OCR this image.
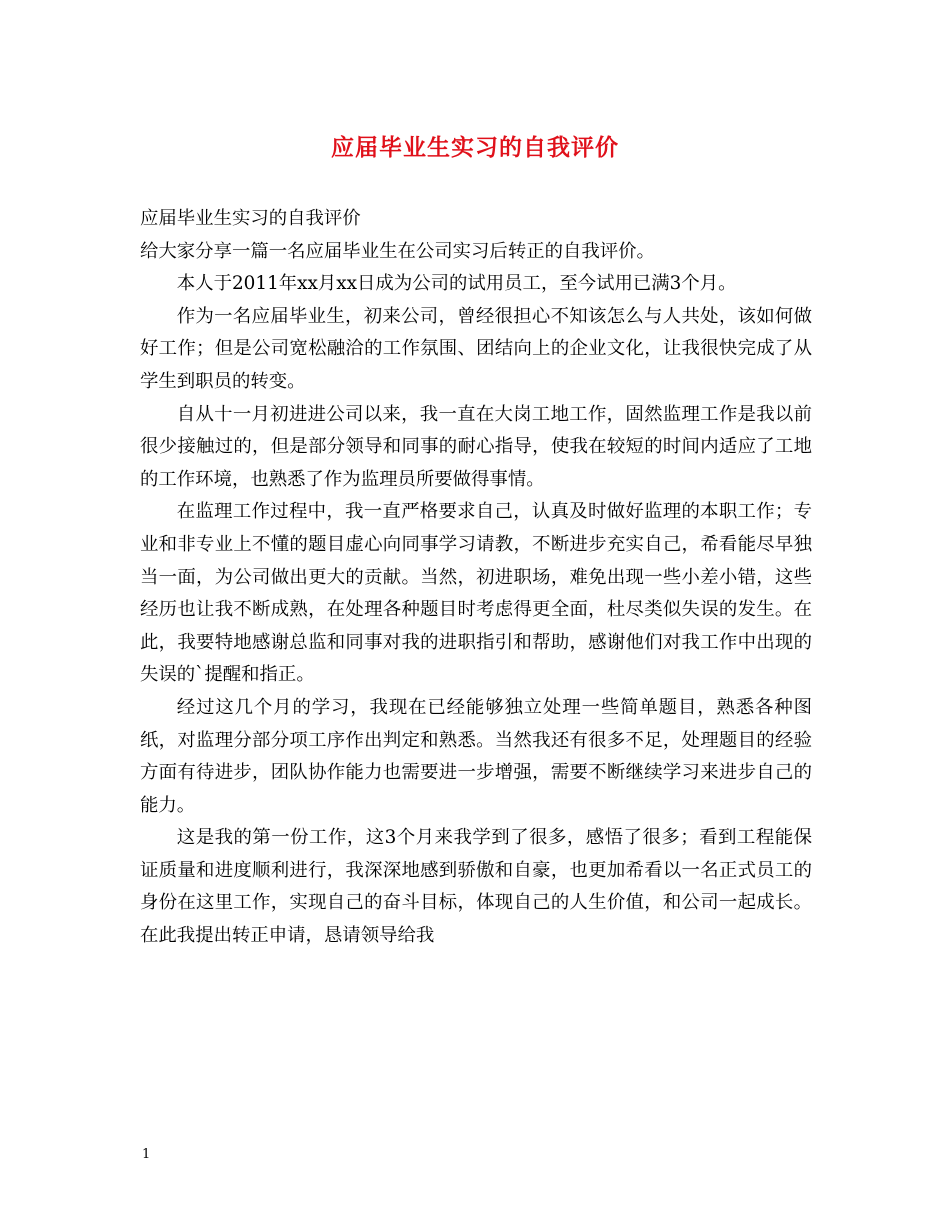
应届毕业生实习的自我评价

应届毕业生实习的自我评价

给大家分享一篇一名应届毕业生在公司实习后转正的自我评价。

本人于2011年xx月xx日成为公司的试用员工，至今试用已满3个月。

作为一名应届毕业生，初来公司，曾经很担心不知该怎么与人共处，该如何做好工作；但是公司宽松融洽的工作氛围、团结向上的企业文化，让我很快完成了从学生到职员的转变。

自从十一月初进进公司以来，我一直在大岗工地工作，固然监理工作是我以前很少接触过的，但是部分领导和同事的耐心指导，使我在较短的时间内适应了工地的工作环境，也熟悉了作为监理员所要做得事情。

在监理工作过程中，我一直严格要求自己，认真及时做好监理的本职工作；专业和非专业上不懂的题目虚心向同事学习请教，不断进步充实自己，希看能尽早独当一面，为公司做出更大的贡献。当然，初进职场，难免出现一些小差小错，这些经历也让我不断成熟，在处理各种题目时考虑得更全面，杜尽类似失误的发生。在此，我要特地感谢总监和同事对我的进职指引和帮助，感谢他们对我工作中出现的失误的`提醒和指正。

经过这几个月的学习，我现在已经能够独立处理一些简单题目，熟悉各种图纸，对监理分部分项工序作出判定和熟悉。当然我还有很多不足，处理题目的经验方面有待进步，团队协作能力也需要进一步增强，需要不断继续学习来进步自己的能力。

这是我的第一份工作，这3个月来我学到了很多，感悟了很多；看到工程能保证质量和进度顺利进行，我深深地感到骄傲和自豪，也更加希看以一名正式员工的身份在这里工作，实现自己的奋斗目标，体现自己的人生价值，和公司一起成长。在此我提出转正申请，恳请领导给我

1
